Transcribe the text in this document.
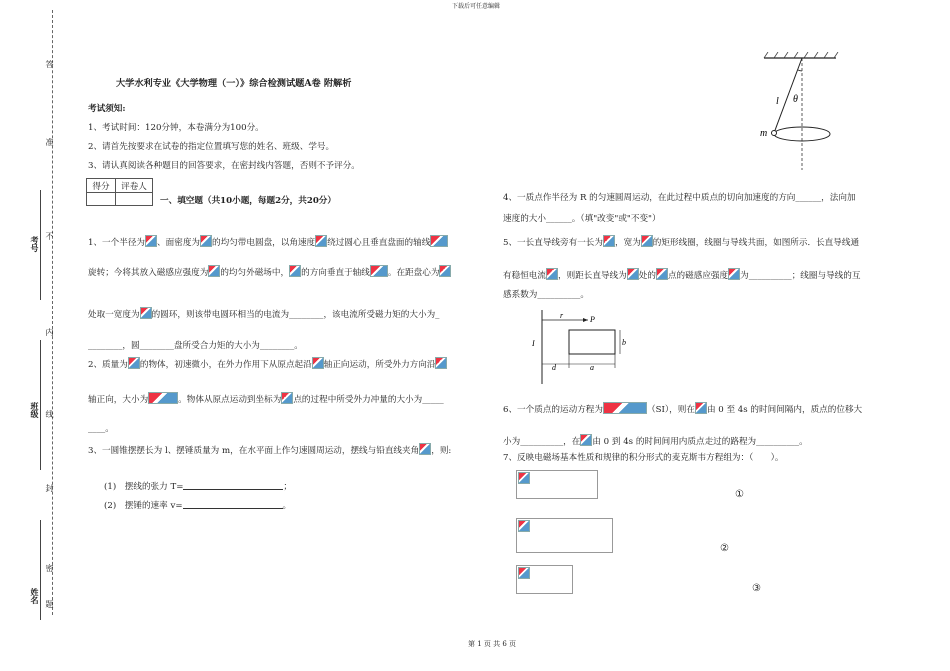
下载后可任意编辑
第 1 页 共 6 页
答
准
不
内
线
封
密
题
考号
班级
姓名
大学水利专业《大学物理（一）》综合检测试题A卷 附解析
考试须知:
1、考试时间：120分钟，本卷满分为100分。
2、请首先按要求在试卷的指定位置填写您的姓名、班级、学号。
3、请认真阅读各种题目的回答要求，在密封线内答题，否则不予评分。
得分	评卷人

一、填空题（共10小题，每题2分，共20分）
1、一个半径为 、面密度为 的均匀带电圆盘，以角速度 绕过圆心且垂直盘面的轴线
旋转；今将其放入磁感应强度为 的均匀外磁场中， 的方向垂直于轴线 。在距盘心为
处取一宽度为 的圆环，则该带电圆环相当的电流为________，该电流所受磁力矩的大小为_
________，圆________盘所受合力矩的大小为________。
2、质量为 的物体，初速微小，在外力作用下从原点起沿 轴正向运动，所受外力方向沿
轴正向，大小为	。物体从原点运动到坐标为 点的过程中所受外力冲量的大小为_____
____。
3、一圆锥摆摆长为 l、摆锤质量为 m，在水平面上作匀速圆周运动，摆线与铅直线夹角 ，则:
(1)　摆线的张力 T=	；
(2)　摆锤的速率 v=	。
l θ
m
4、一质点作半径为 R 的匀速圆周运动，在此过程中质点的切向加速度的方向______，法向加
速度的大小______。（填"改变"或"不变"）
5、一长直导线旁有一长为 ，宽为 的矩形线圈，线圈与导线共面，如图所示．长直导线通
有稳恒电流 ，则距长直导线为 处的 点的磁感应强度 为__________；线圈与导线的互
感系数为__________。
r	P
I	b
d	a
6、一个质点的运动方程为	（SI），则在 由 0 至 4s 的时间间隔内，质点的位移大
小为__________，在 由 0 到 4s 的时间间用内质点走过的路程为__________。
7、反映电磁场基本性质和规律的积分形式的麦克斯韦方程组为：（　　）。
①
②
③
